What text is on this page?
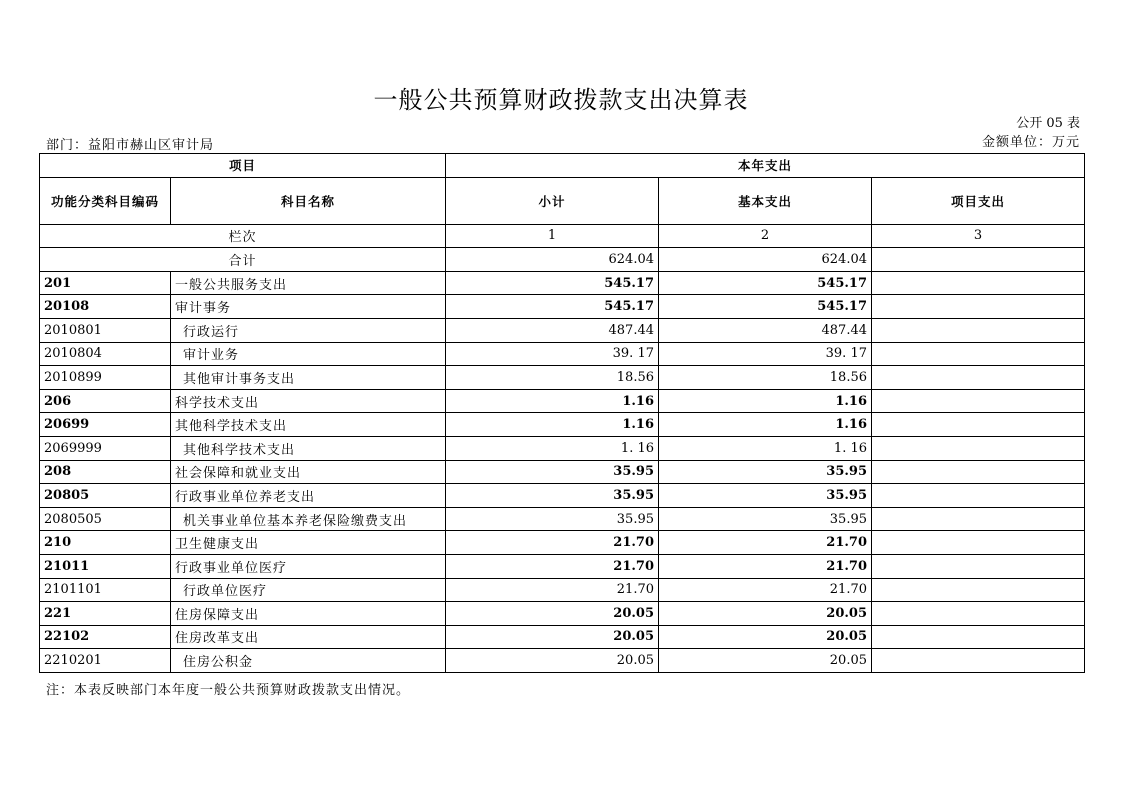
一般公共预算财政拨款支出决算表
公开 05 表
部门：益阳市赫山区审计局	金额单位：万元
项目		本年支出		
功能分类科目编码	科目名称	小计	基本支出	项目支出
栏次		1	2	3
合计		624.04	624.04	
201	一般公共服务支出	545.17	545.17	
20108	审计事务	545.17	545.17	
2010801	行政运行	487.44	487.44	
2010804	审计业务	39. 17	39. 17	
2010899	其他审计事务支出	18.56	18.56	
206	科学技术支出	1.16	1.16	
20699	其他科学技术支出	1.16	1.16	
2069999	其他科学技术支出	1. 16	1. 16	
208	社会保障和就业支出	35.95	35.95	
20805	行政事业单位养老支出	35.95	35.95	
2080505	机关事业单位基本养老保险缴费支出	35.95	35.95	
210	卫生健康支出	21.70	21.70	
21011	行政事业单位医疗	21.70	21.70	
2101101	行政单位医疗	21.70	21.70	
221	住房保障支出	20.05	20.05	
22102	住房改革支出	20.05	20.05	
2210201	住房公积金	20.05	20.05	
注：本表反映部门本年度一般公共预算财政拨款支出情况。
